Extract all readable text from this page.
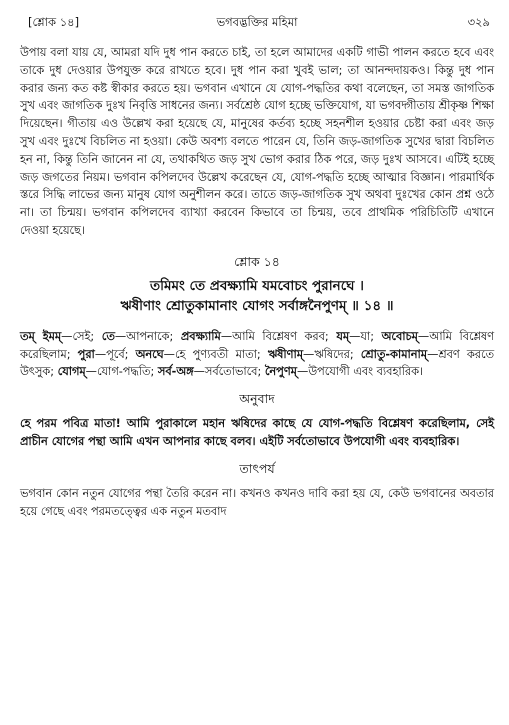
[শ্লোক ১৪]	ভগবদ্ভক্তির মহিমা	৩২৯

উপায় বলা যায় যে, আমরা যদি দুধ পান করতে চাই, তা হলে আমাদের একটি গাভী পালন করতে হবে এবং তাকে দুধ দেওয়ার উপযুক্ত করে রাখতে হবে। দুধ পান করা খুবই ভাল; তা আনন্দদায়কও। কিন্তু দুধ পান করার জন্য কত কষ্ট স্বীকার করতে হয়। ভগবান এখানে যে যোগ-পদ্ধতির কথা বলেছেন, তা সমস্ত জাগতিক সুখ এবং জাগতিক দুঃখ নিবৃত্তি সাধনের জন্য। সর্বশ্রেষ্ঠ যোগ হচ্ছে ভক্তিযোগ, যা ভগবদ্গীতায় শ্রীকৃষ্ণ শিক্ষা দিয়েছেন। গীতায় এও উল্লেখ করা হয়েছে যে, মানুষের কর্তব্য হচ্ছে সহনশীল হওয়ার চেষ্টা করা এবং জড় সুখ এবং দুঃখে বিচলিত না হওয়া। কেউ অবশ্য বলতে পারেন যে, তিনি জড়-জাগতিক সুখের দ্বারা বিচলিত হন না, কিন্তু তিনি জানেন না যে, তথাকথিত জড় সুখ ভোগ করার ঠিক পরে, জড় দুঃখ আসবে। এটিই হচ্ছে জড় জগতের নিয়ম। ভগবান কপিলদেব উল্লেখ করেছেন যে, যোগ-পদ্ধতি হচ্ছে আত্মার বিজ্ঞান। পারমার্থিক স্তরে সিদ্ধি লাভের জন্য মানুষ যোগ অনুশীলন করে। তাতে জড়-জাগতিক সুখ অথবা দুঃখের কোন প্রশ্ন ওঠে না। তা চিন্ময়। ভগবান কপিলদেব ব্যাখ্যা করবেন কিভাবে তা চিন্ময়, তবে প্রাথমিক পরিচিতিটি এখানে দেওয়া হয়েছে।

শ্লোক ১৪

তমিমং তে প্রবক্ষ্যামি যমবোচং পুরানঘে ।

ঋষীণাং শ্রোতুকামানাং যোগং সর্বাঙ্গনৈপুণম্ ॥ ১৪ ॥

তম্ ইমম্—সেই; তে—আপনাকে; প্রবক্ষ্যামি—আমি বিশ্লেষণ করব; যম্—যা; অবোচম্—আমি বিশ্লেষণ করেছিলাম; পুরা—পূর্বে; অনঘে—হে পুণ্যবতী মাতা; ঋষীণাম্—ঋষিদের; শ্রোতু-কামানাম্—শ্রবণ করতে উৎসুক; যোগম্—যোগ-পদ্ধতি; সর্ব-অঙ্গ—সর্বতোভাবে; নৈপুণম্—উপযোগী এবং ব্যবহারিক।

অনুবাদ

হে পরম পবিত্র মাতা! আমি পুরাকালে মহান ঋষিদের কাছে যে যোগ-পদ্ধতি বিশ্লেষণ করেছিলাম, সেই প্রাচীন যোগের পন্থা আমি এখন আপনার কাছে বলব। এইটি সর্বতোভাবে উপযোগী এবং ব্যবহারিক।

তাৎপর্য

ভগবান কোন নতুন যোগের পন্থা তৈরি করেন না। কখনও কখনও দাবি করা হয় যে, কেউ ভগবানের অবতার হয়ে গেছে এবং পরমতত্ত্বের এক নতুন মতবাদ
